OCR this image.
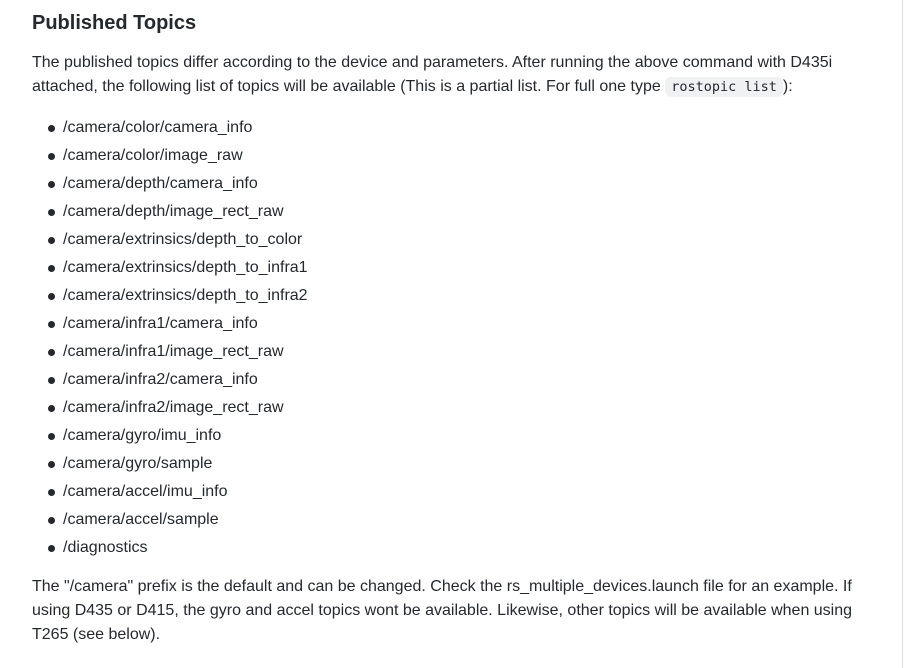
Published Topics

The published topics differ according to the device and parameters. After running the above command with D435i attached, the following list of topics will be available (This is a partial list. For full one type rostopic list ):

/camera/color/camera_info
/camera/color/image_raw
/camera/depth/camera_info
/camera/depth/image_rect_raw
/camera/extrinsics/depth_to_color
/camera/extrinsics/depth_to_infra1
/camera/extrinsics/depth_to_infra2
/camera/infra1/camera_info
/camera/infra1/image_rect_raw
/camera/infra2/camera_info
/camera/infra2/image_rect_raw
/camera/gyro/imu_info
/camera/gyro/sample
/camera/accel/imu_info
/camera/accel/sample
/diagnostics

The "/camera" prefix is the default and can be changed. Check the rs_multiple_devices.launch file for an example. If using D435 or D415, the gyro and accel topics wont be available. Likewise, other topics will be available when using T265 (see below).
